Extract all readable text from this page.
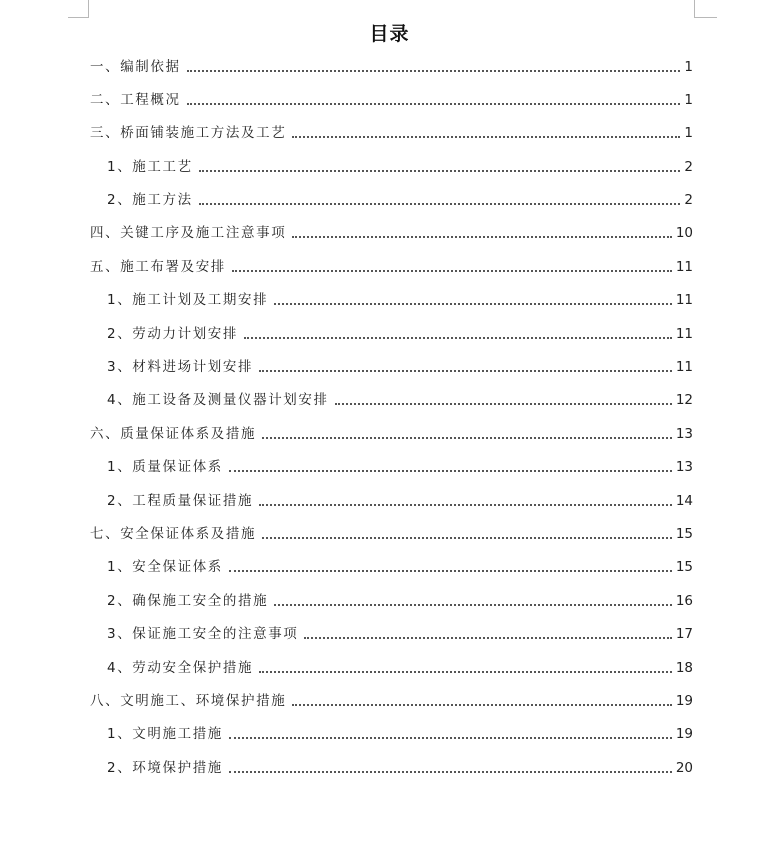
目录
一、编制依据	1
二、工程概况	1
三、桥面铺装施工方法及工艺	1
1、施工工艺	2
2、施工方法	2
四、关键工序及施工注意事项	10
五、施工布署及安排	11
1、施工计划及工期安排	11
2、劳动力计划安排	11
3、材料进场计划安排	11
4、施工设备及测量仪器计划安排	12
六、质量保证体系及措施	13
1、质量保证体系	13
2、工程质量保证措施	14
七、安全保证体系及措施	15
1、安全保证体系	15
2、确保施工安全的措施	16
3、保证施工安全的注意事项	17
4、劳动安全保护措施	18
八、文明施工、环境保护措施	19
1、文明施工措施	19
2、环境保护措施	20
